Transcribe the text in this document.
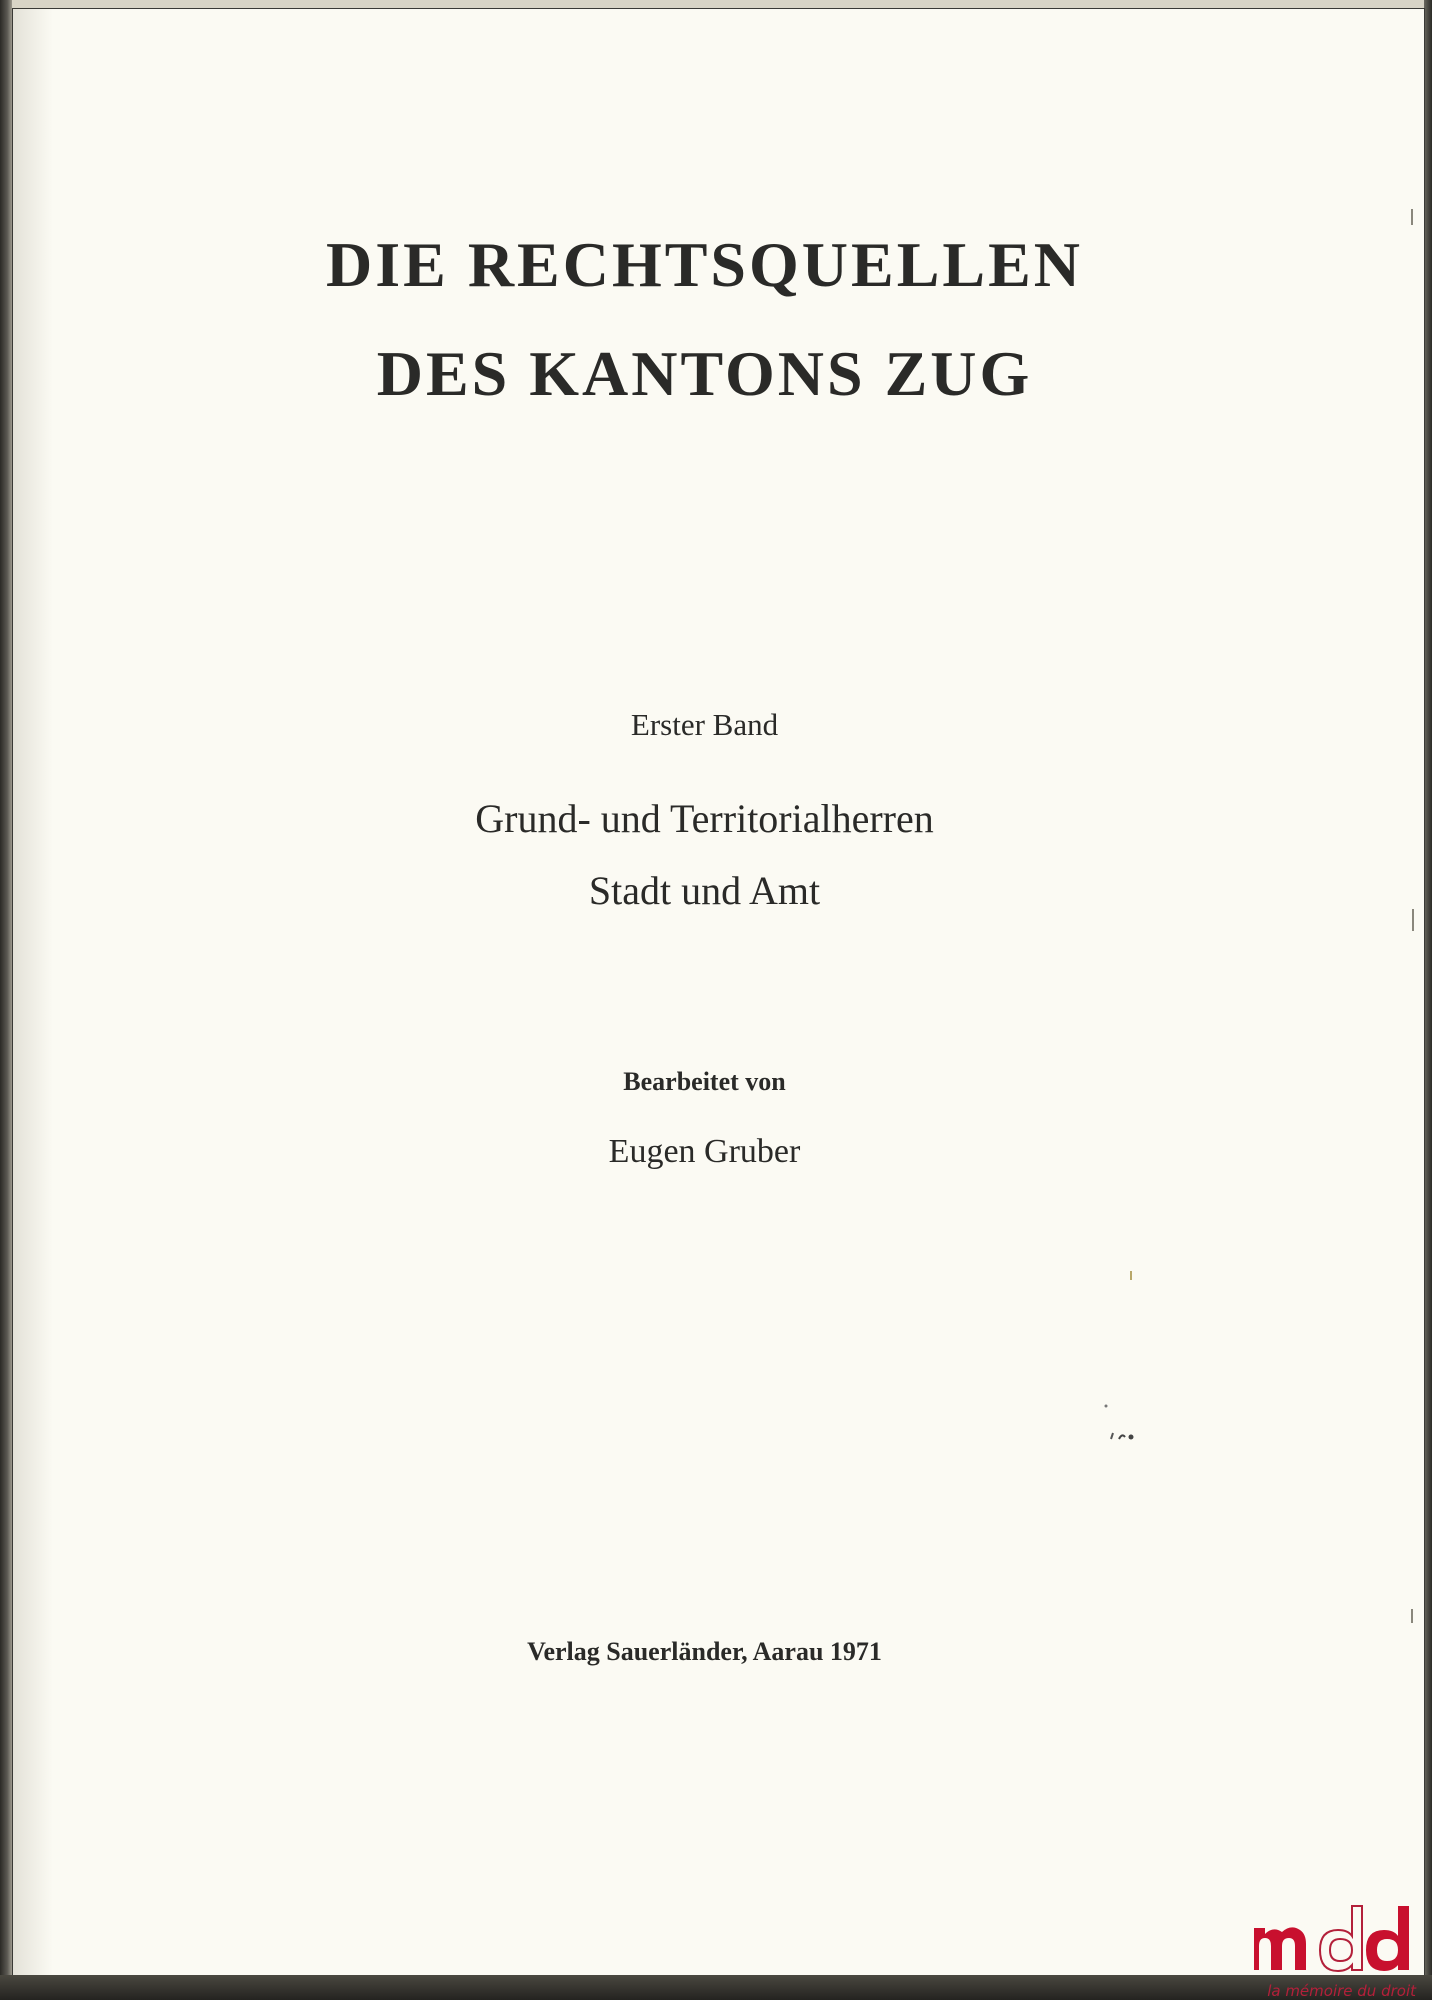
DIE RECHTSQUELLEN
DES KANTONS ZUG

Erster Band

Grund- und Territorialherren

Stadt und Amt

Bearbeitet von

Eugen Gruber

Verlag Sauerländer, Aarau 1971

la mémoire du droit
